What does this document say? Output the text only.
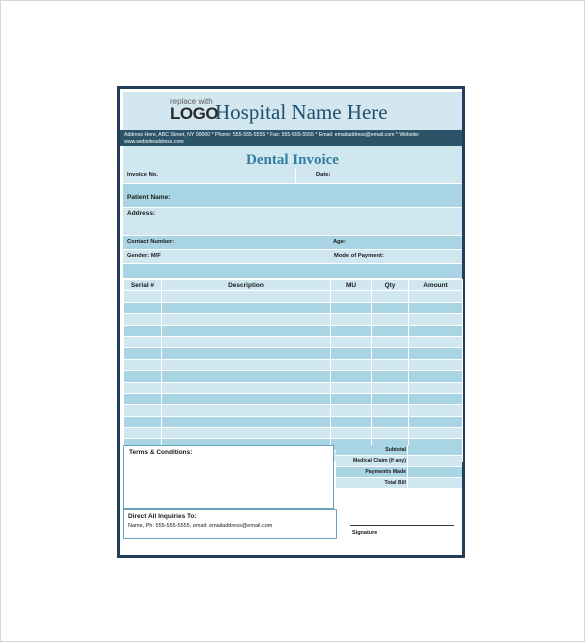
replace with
LOGO
Hospital Name Here
Address Here, ABC Street, NY 00000 * Phone: 555-555-5555 * Fax: 555-555-5555 * Email: emailaddress@email.com * Website: www.websiteaddress.com
Dental Invoice
Invoice No.	Date:
Patient Name:
Address:
Contact Number:	Age:
Gender: M/F	Mode of Payment:
Serial #	Description	MU	Qty	Amount

Terms & Conditions:	Subtotal
Medical Claim (if any)
Payment/s Made
Total Bill
Direct All Inquiries To:
Name, Ph: 555-555-5555, email: emailaddress@email.com
Signature
